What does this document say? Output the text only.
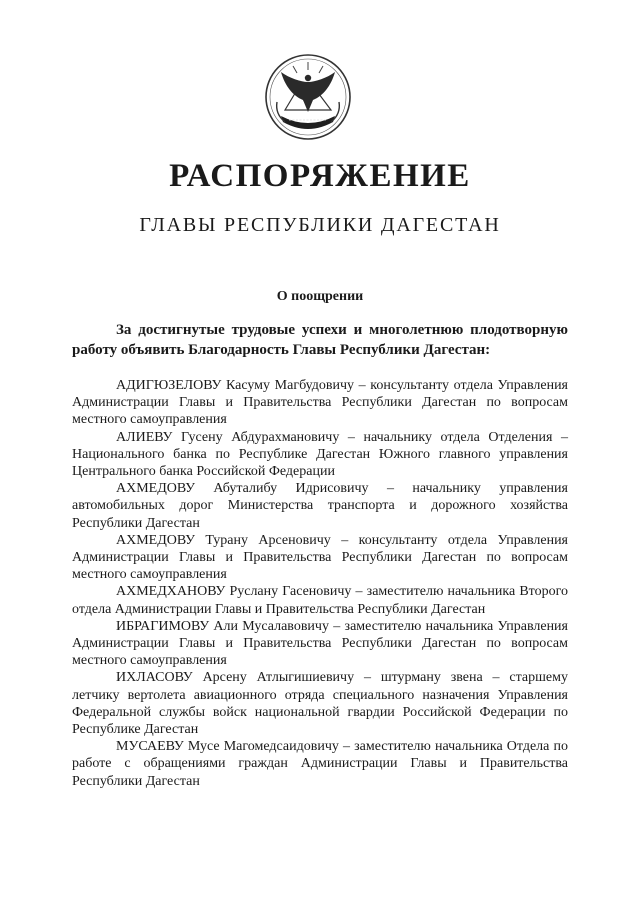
РАСПОРЯЖЕНИЕ
ГЛАВЫ РЕСПУБЛИКИ ДАГЕСТАН
О поощрении

За достигнутые трудовые успехи и многолетнюю плодотворную работу объявить Благодарность Главы Республики Дагестан:

АДИГЮЗЕЛОВУ Касуму Магбудовичу – консультанту отдела Управления Администрации Главы и Правительства Республики Дагестан по вопросам местного самоуправления
АЛИЕВУ Гусену Абдурахмановичу – начальнику отдела Отделения – Национального банка по Республике Дагестан Южного главного управления Центрального банка Российской Федерации
АХМЕДОВУ Абуталибу Идрисовичу – начальнику управления автомобильных дорог Министерства транспорта и дорожного хозяйства Республики Дагестан
АХМЕДОВУ Турану Арсеновичу – консультанту отдела Управления Администрации Главы и Правительства Республики Дагестан по вопросам местного самоуправления
АХМЕДХАНОВУ Руслану Гасеновичу – заместителю начальника Второго отдела Администрации Главы и Правительства Республики Дагестан
ИБРАГИМОВУ Али Мусалавовичу – заместителю начальника Управления Администрации Главы и Правительства Республики Дагестан по вопросам местного самоуправления
ИХЛАСОВУ Арсену Атлыгишиевичу – штурману звена – старшему летчику вертолета авиационного отряда специального назначения Управления Федеральной службы войск национальной гвардии Российской Федерации по Республике Дагестан
МУСАЕВУ Мусе Магомедсаидовичу – заместителю начальника Отдела по работе с обращениями граждан Администрации Главы и Правительства Республики Дагестан
